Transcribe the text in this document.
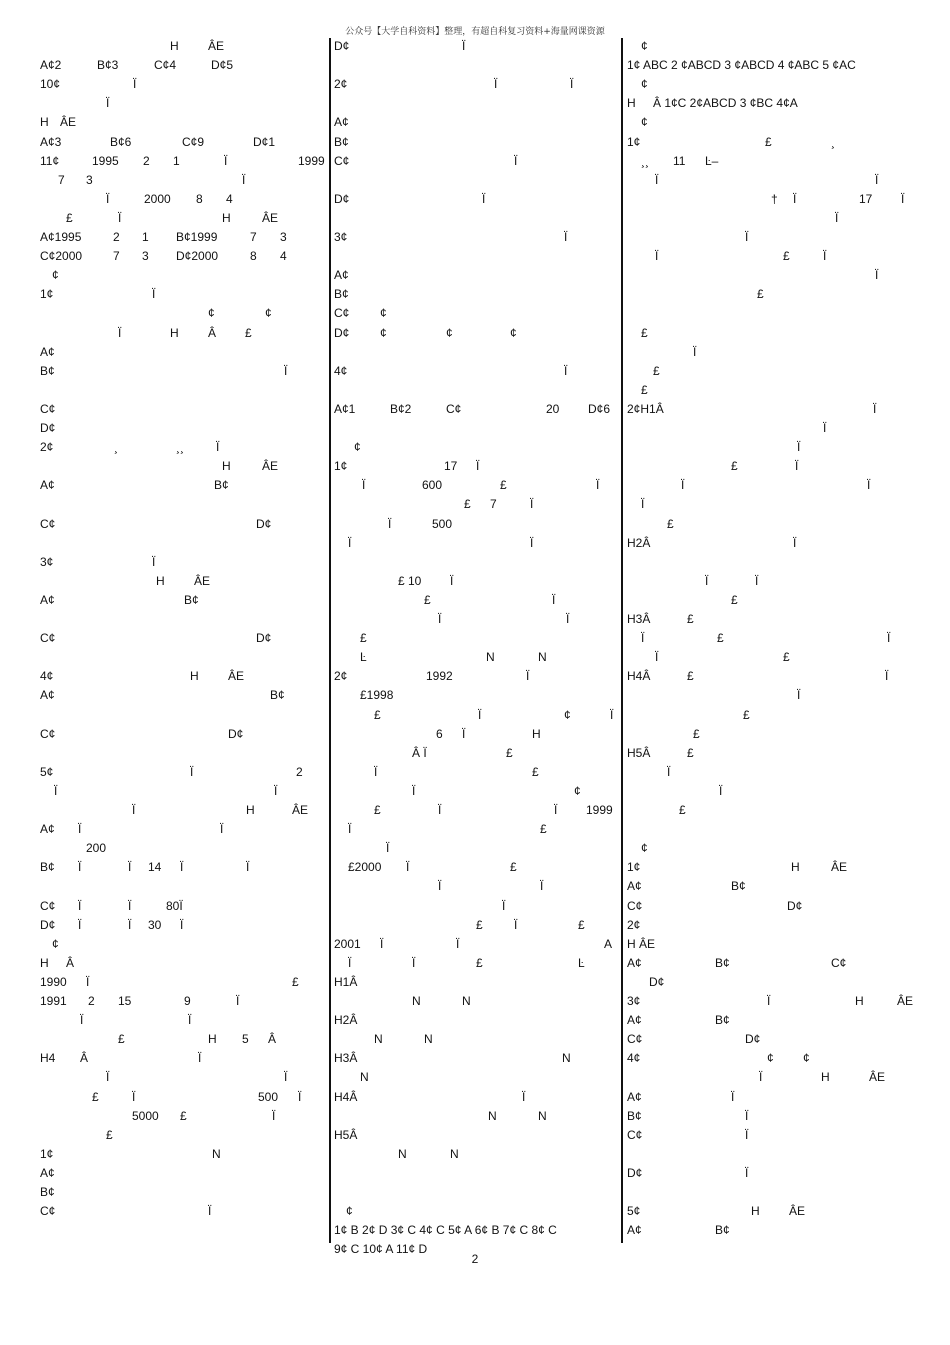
公众号【大学自科资料】整理，有超自科复习资料+海量网课资源
H ÂE
A¢2	B¢3	C¢4	D¢5
10¢	Ï
Ï
H ÂE
A¢3	B¢6	C¢9	D¢1
11¢	1995 2 1	Ï	1999
7 3	Ï
Ï	2000 8 4
£	Ï	H	ÂE
A¢1995	2 1 B¢1999	7 3
C¢2000	7 3 D¢2000	8 4
¢
1¢	Ï
¢	¢
Ï	H Â £
A¢
B¢	Ï
C¢
D¢
2¢	¸	¸¸	Ï
H	ÂE
A¢	B¢
C¢	D¢
3¢	Ï
H ÂE
A¢	B¢
C¢	D¢
4¢	H ÂE
A¢	B¢
C¢	D¢
5¢	Ï	2
Ï	Ï
Ï	H	ÂE
A¢ Ï	Ï
200
B¢ Ï	Ï 14 Ï	Ï
C¢ Ï	Ï	80Ï
D¢ Ï	Ï 30 Ï
¢
H Â
1990 Ï	£
1991 2 15	9	Ï
Ï	Ï
£	H 5 Â
H4 Â	Ï
Ï	Ï
£	Ï	500 Ï
5000 £	Ï
£
1¢	N
A¢
B¢
C¢	Ï
D¢	Ï
2¢	Ï	Ï
A¢
B¢
C¢	Ï
D¢	Ï
3¢	Ï
A¢
B¢
C¢	¢
D¢	¢	¢	¢
4¢	Ï
A¢1	B¢2	C¢	20 D¢6
¢
1¢	17 Ï
Ï	600	£	Ï
£ 7	Ï
Ï	500
Ï	Ï
£ 10 Ï
£	Ï
Ï	Ï
£
Ŀ	N	N
2¢	1992	Ï
£1998
£	Ï	¢	Ï
6 Ï	H
Â Ï	£
Ï	£
Ï	¢
£	Ï	Ï 1999
Ï	£
Ï
£2000 Ï	£
Ï	Ï
Ï
£	Ï	£
2001 Ï	Ï	A
Ï	Ï	£	Ŀ
H1Â
N	N
H2Â
N	N
H3Â	N
N
H4Â	Ï
N	N
H5Â
N	N
¢
1¢ B 2¢ D 3¢ C 4¢ C 5¢ A 6¢ B 7¢ C 8¢ C
9¢ C 10¢ A 11¢ D
¢
1¢ ABC 2 ¢ABCD 3 ¢ABCD 4 ¢ABC 5 ¢AC
¢
H Â 1¢C 2¢ABCD 3 ¢BC 4¢A
¢
1¢	£	¸
¸¸ 11 Ŀ‒
Ï	Ï
† Ï	17 Ï
Ï
Ï
Ï	£	Ï
Ï
£
£
Ï
£
£
2¢H1Â	Ï
Ï
Ï
£	Ï
Ï	Ï
Ï
£
H2Â	Ï
Ï	Ï
£
H3Â	£
Ï	£	Ï
Ï	£
H4Â	£	Ï
Ï
£
£
H5Â	£
Ï
Ï
£
¢
1¢	H	ÂE
A¢	B¢
C¢	D¢
2¢
H ÂE
A¢	B¢	C¢
D¢
3¢	Ï	H	ÂE
A¢	B¢
C¢	D¢
4¢	¢ ¢
Ï	H	ÂE
A¢	Ï
B¢	Ï
C¢	Ï
D¢	Ï
5¢	H ÂE
A¢	B¢
2
